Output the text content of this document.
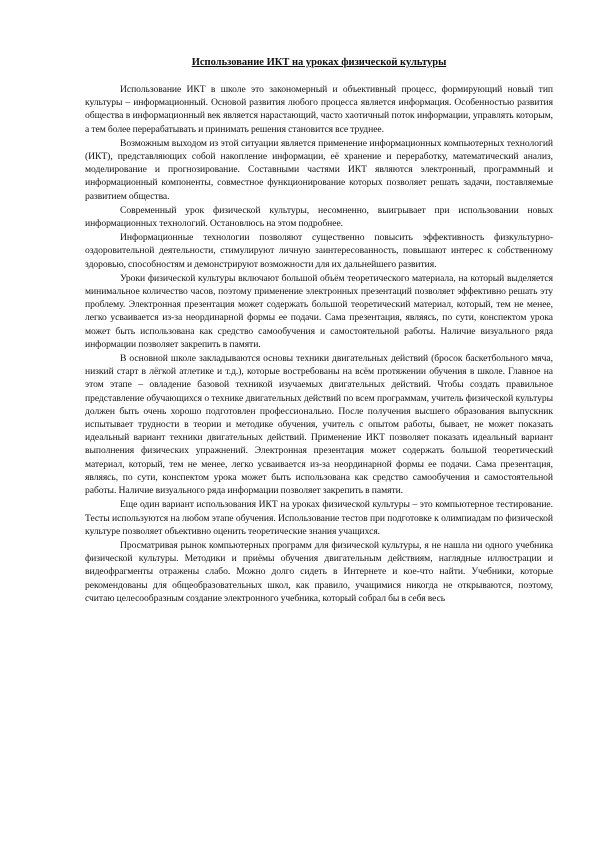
Использование ИКТ на уроках физической культуры

Использование ИКТ в школе это закономерный и объективный процесс, формирующий новый тип культуры – информационный. Основой развития любого процесса является информация. Особенностью развития общества в информационный век является нарастающий, часто хаотичный поток информации, управлять которым, а тем более перерабатывать и принимать решения становится все труднее.

Возможным выходом из этой ситуации является применение информационных компьютерных технологий (ИКТ), представляющих собой накопление информации, её хранение и переработку, математический анализ, моделирование и прогнозирование. Составными частями ИКТ являются электронный, программный и информационный компоненты, совместное функционирование которых позволяет решать задачи, поставляемые развитием общества.

Современный урок физической культуры, несомненно, выигрывает при использовании новых информационных технологий. Остановлюсь на этом подробнее.

Информационные технологии позволяют существенно повысить эффективность физкультурно-оздоровительной деятельности, стимулируют личную заинтересованность, повышают интерес к собственному здоровью, способностям и демонстрируют возможности для их дальнейшего развития.

Уроки физической культуры включают большой объём теоретического материала, на который выделяется минимальное количество часов, поэтому применение электронных презентаций позволяет эффективно решать эту проблему. Электронная презентация может содержать большой теоретический материал, который, тем не менее, легко усваивается из-за неординарной формы ее подачи. Сама презентация, являясь, по сути, конспектом урока может быть использована как средство самообучения и самостоятельной работы. Наличие визуального ряда информации позволяет закрепить в памяти.

В основной школе закладываются основы техники двигательных действий (бросок баскетбольного мяча, низкий старт в лёгкой атлетике и т.д.), которые востребованы на всём протяжении обучения в школе. Главное на этом этапе – овладение базовой техникой изучаемых двигательных действий. Чтобы создать правильное представление обучающихся о технике двигательных действий по всем программам, учитель физической культуры должен быть очень хорошо подготовлен профессионально. После получения высшего образования выпускник испытывает трудности в теории и методике обучения, учитель с опытом работы, бывает, не может показать идеальный вариант техники двигательных действий. Применение ИКТ позволяет показать идеальный вариант выполнения физических упражнений. Электронная презентация может содержать большой теоретический материал, который, тем не менее, легко усваивается из-за неординарной формы ее подачи. Сама презентация, являясь, по сути, конспектом урока может быть использована как средство самообучения и самостоятельной работы. Наличие визуального ряда информации позволяет закрепить в памяти.

Еще один вариант использования ИКТ на уроках физической культуры – это компьютерное тестирование. Тесты используются на любом этапе обучения. Использование тестов при подготовке к олимпиадам по физической культуре позволяет объективно оценить теоретические знания учащихся.

Просматривая рынок компьютерных программ для физической культуры, я не нашла ни одного учебника физической культуры. Методики и приёмы обучения двигательным действиям, наглядные иллюстрации и видеофрагменты отражены слабо. Можно долго сидеть в Интернете и кое-что найти. Учебники, которые рекомендованы для общеобразовательных школ, как правило, учащимися никогда не открываются, поэтому, считаю целесообразным создание электронного учебника, который собрал бы в себя весь
